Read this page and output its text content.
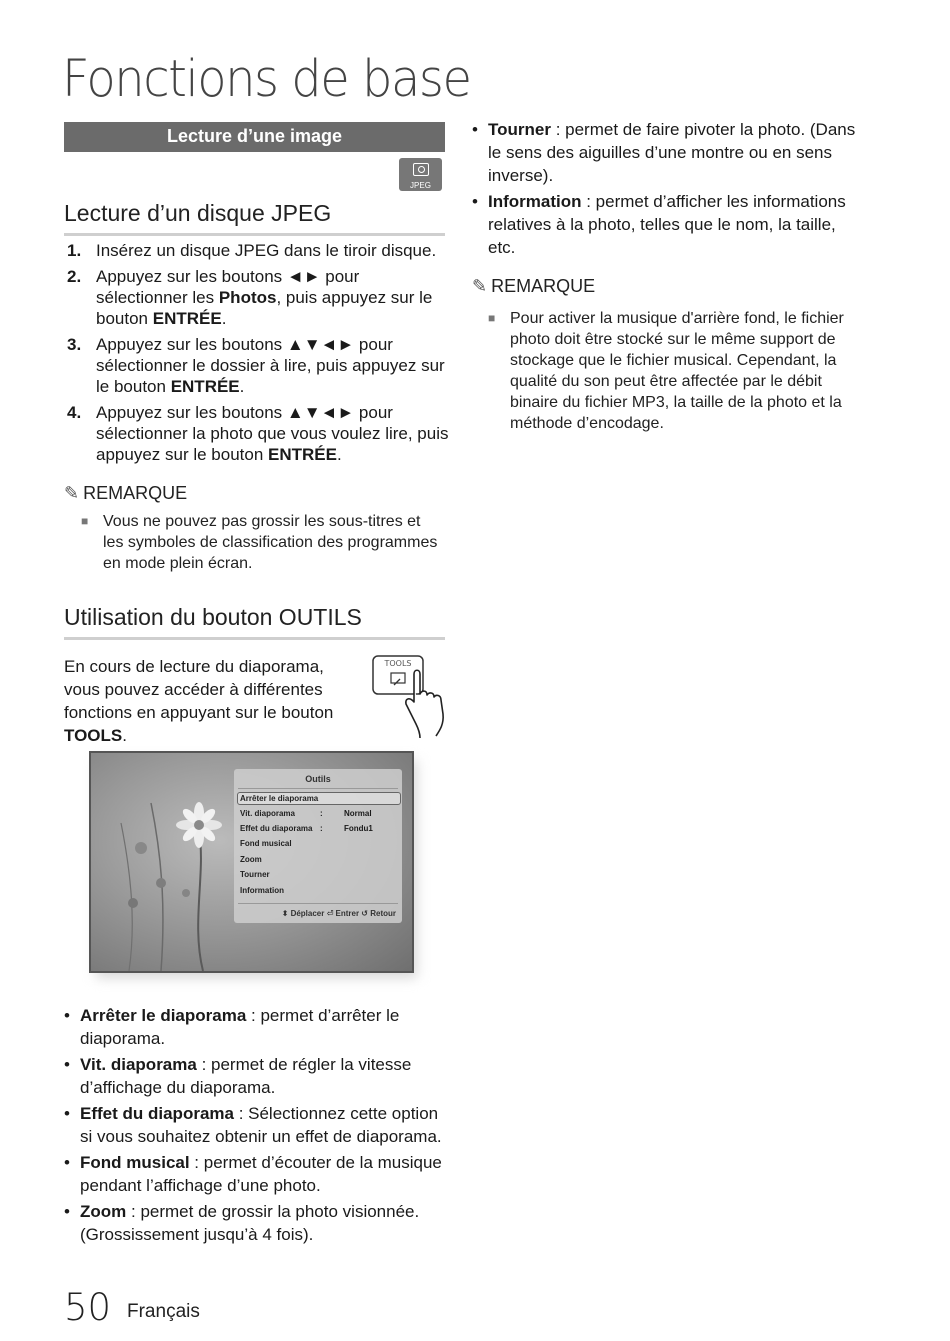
Fonctions de base
Lecture d’une image
JPEG
Lecture d’un disque JPEG
1. Insérez un disque JPEG dans le tiroir disque.
2. Appuyez sur les boutons ◄► pour sélectionner les Photos, puis appuyez sur le bouton ENTRÉE.
3. Appuyez sur les boutons ▲▼◄► pour sélectionner le dossier à lire, puis appuyez sur le bouton ENTRÉE.
4. Appuyez sur les boutons ▲▼◄► pour sélectionner la photo que vous voulez lire, puis appuyez sur le bouton ENTRÉE.
✎ REMARQUE
■ Vous ne pouvez pas grossir les sous-titres et les symboles de classification des programmes en mode plein écran.
Utilisation du bouton OUTILS
En cours de lecture du diaporama, vous pouvez accéder à différentes fonctions en appuyant sur le bouton TOOLS.
TOOLS
Outils
Arrêter le diaporama
Vit. diaporama	:	Normal
Effet du diaporama :	Fondu1
Fond musical
Zoom
Tourner
Information
⬍ Déplacer ⏎ Entrer ↺ Retour
• Arrêter le diaporama : permet d’arrêter le diaporama.
• Vit. diaporama : permet de régler la vitesse d’affichage du diaporama.
• Effet du diaporama : Sélectionnez cette option si vous souhaitez obtenir un effet de diaporama.
• Fond musical : permet d’écouter de la musique pendant l’affichage d’une photo.
• Zoom : permet de grossir la photo visionnée. (Grossissement jusqu’à 4 fois).
• Tourner : permet de faire pivoter la photo. (Dans le sens des aiguilles d’une montre ou en sens inverse).
• Information : permet d’afficher les informations relatives à la photo, telles que le nom, la taille, etc.
✎ REMARQUE
■ Pour activer la musique d'arrière fond, le fichier photo doit être stocké sur le même support de stockage que le fichier musical. Cependant, la qualité du son peut être affectée par le débit binaire du fichier MP3, la taille de la photo et la méthode d’encodage.
50 Français
